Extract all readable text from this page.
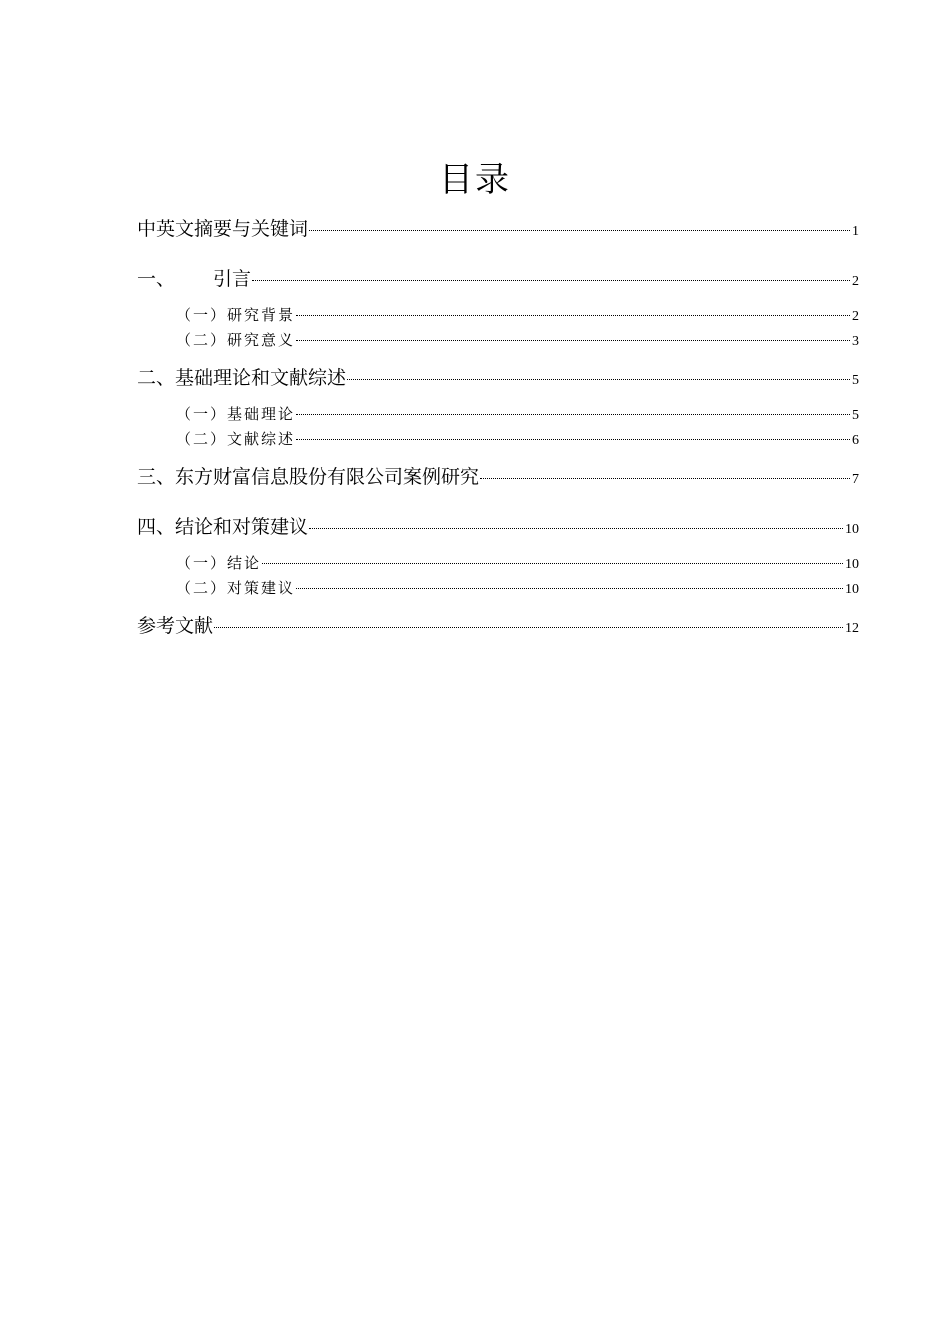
目录
中英文摘要与关键词	1
一、 引言	2
（一）研究背景	2
（二）研究意义	3
二、基础理论和文献综述	5
（一）基础理论	5
（二）文献综述	6
三、东方财富信息股份有限公司案例研究	7
四、结论和对策建议	10
（一）结论	10
（二）对策建议	10
参考文献	12
